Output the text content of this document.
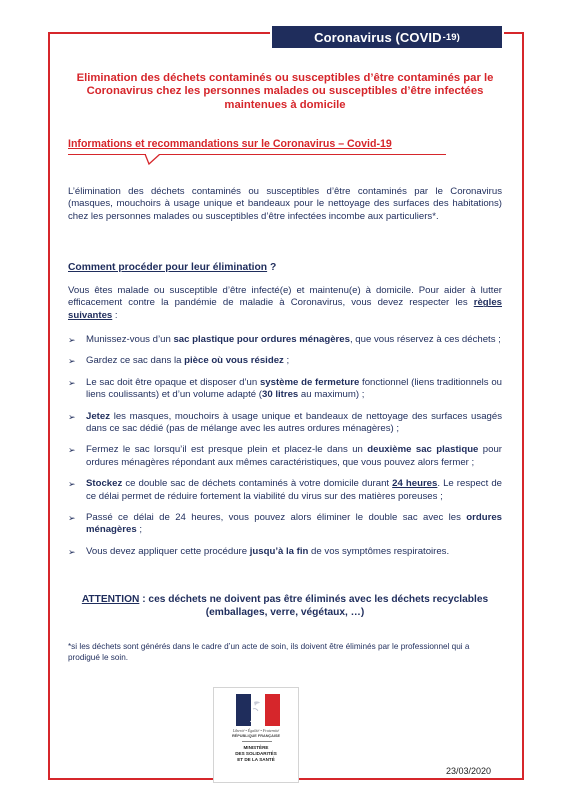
Coronavirus (COVID -19)
Elimination des déchets contaminés ou susceptibles d’être contaminés par le Coronavirus chez les personnes malades ou susceptibles d’être infectées maintenues à domicile
Informations et recommandations sur le Coronavirus – Covid-19

L’élimination des déchets contaminés ou susceptibles d’être contaminés par le Coronavirus (masques, mouchoirs à usage unique et bandeaux pour le nettoyage des surfaces des habitations) chez les personnes malades ou susceptibles d’être infectées incombe aux particuliers*.

Comment procéder pour leur élimination ?

Vous êtes malade ou susceptible d’être infecté(e) et maintenu(e) à domicile. Pour aider à lutter efficacement contre la pandémie de maladie à Coronavirus, vous devez respecter les règles suivantes :

➢	Munissez-vous d’un sac plastique pour ordures ménagères, que vous réservez à ces déchets ;
➢	Gardez ce sac dans la pièce où vous résidez ;
➢	Le sac doit être opaque et disposer d’un système de fermeture fonctionnel (liens traditionnels ou liens coulissants) et d’un volume adapté (30 litres au maximum) ;
➢	Jetez les masques, mouchoirs à usage unique et bandeaux de nettoyage des surfaces usagés dans ce sac dédié (pas de mélange avec les autres ordures ménagères) ;
➢	Fermez le sac lorsqu’il est presque plein et placez-le dans un deuxième sac plastique pour ordures ménagères répondant aux mêmes caractéristiques, que vous pouvez alors fermer ;
➢	Stockez ce double sac de déchets contaminés à votre domicile durant 24 heures. Le respect de ce délai permet de réduire fortement la viabilité du virus sur des matières poreuses ;
➢	Passé ce délai de 24 heures, vous pouvez alors éliminer le double sac avec les ordures ménagères ;
➢	Vous devez appliquer cette procédure jusqu’à la fin de vos symptômes respiratoires.
ATTENTION : ces déchets ne doivent pas être éliminés avec les déchets recyclables (emballages, verre, végétaux, …)

*si les déchets sont générés dans le cadre d’un acte de soin, ils doivent être éliminés par le professionnel qui a prodigué le soin.

Liberté • Égalité • Fraternité
RÉPUBLIQUE FRANÇAISE
MINISTÈRE
DES SOLIDARITÉS
ET DE LA SANTÉ
23/03/2020
